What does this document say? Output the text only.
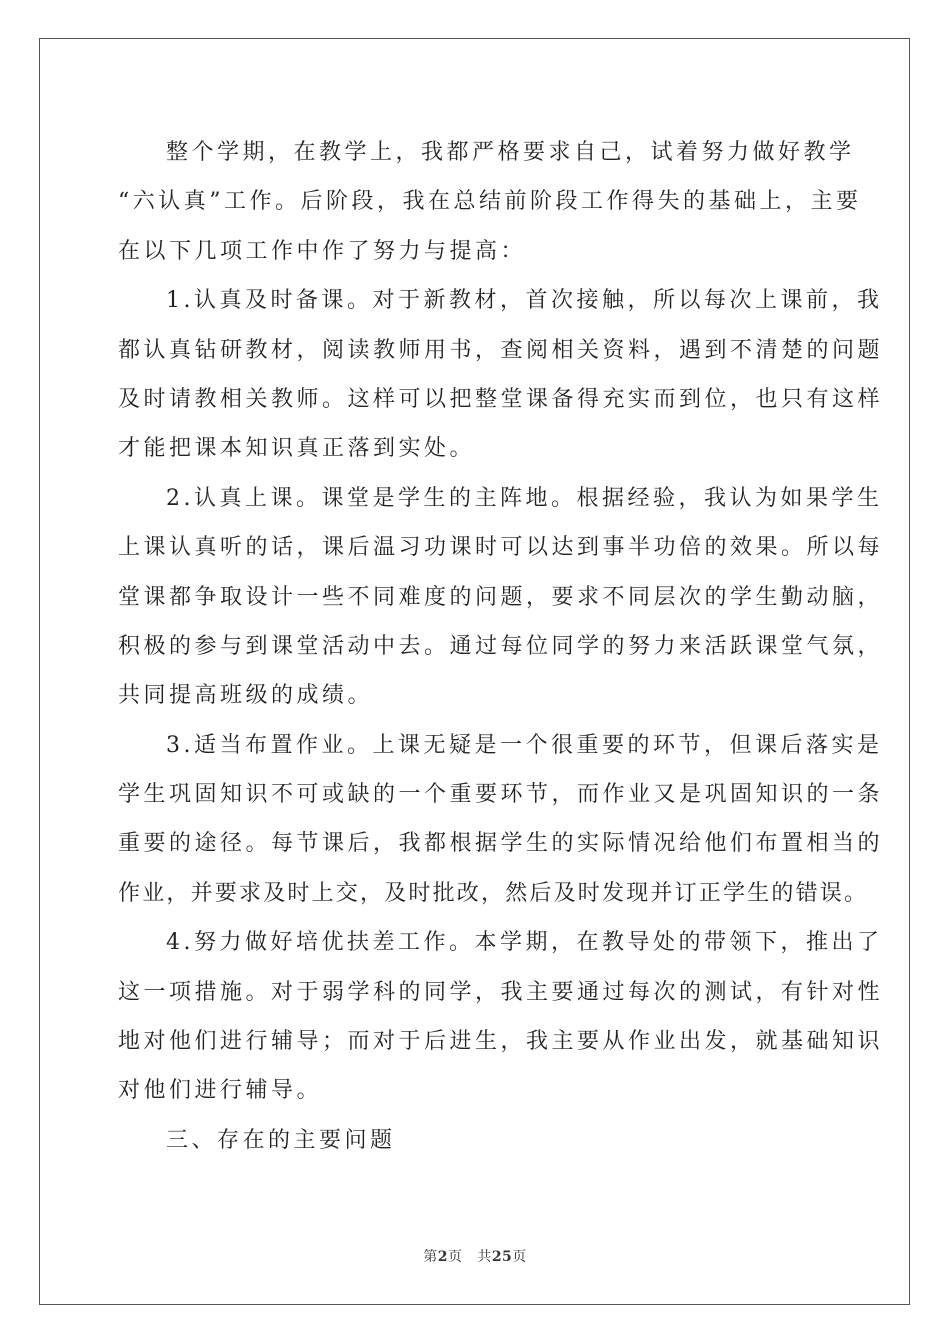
整个学期，在教学上，我都严格要求自己，试着努力做好教学
“六认真”工作。后阶段，我在总结前阶段工作得失的基础上，主要
在以下几项工作中作了努力与提高：
1.认真及时备课。对于新教材，首次接触，所以每次上课前，我
都认真钻研教材，阅读教师用书，查阅相关资料，遇到不清楚的问题
及时请教相关教师。这样可以把整堂课备得充实而到位，也只有这样
才能把课本知识真正落到实处。
2.认真上课。课堂是学生的主阵地。根据经验，我认为如果学生
上课认真听的话，课后温习功课时可以达到事半功倍的效果。所以每
堂课都争取设计一些不同难度的问题，要求不同层次的学生勤动脑，
积极的参与到课堂活动中去。通过每位同学的努力来活跃课堂气氛，
共同提高班级的成绩。
3.适当布置作业。上课无疑是一个很重要的环节，但课后落实是
学生巩固知识不可或缺的一个重要环节，而作业又是巩固知识的一条
重要的途径。每节课后，我都根据学生的实际情况给他们布置相当的
作业，并要求及时上交，及时批改，然后及时发现并订正学生的错误。
4.努力做好培优扶差工作。本学期，在教导处的带领下，推出了
这一项措施。对于弱学科的同学，我主要通过每次的测试，有针对性
地对他们进行辅导；而对于后进生，我主要从作业出发，就基础知识
对他们进行辅导。
三、存在的主要问题
第2页 共25页
